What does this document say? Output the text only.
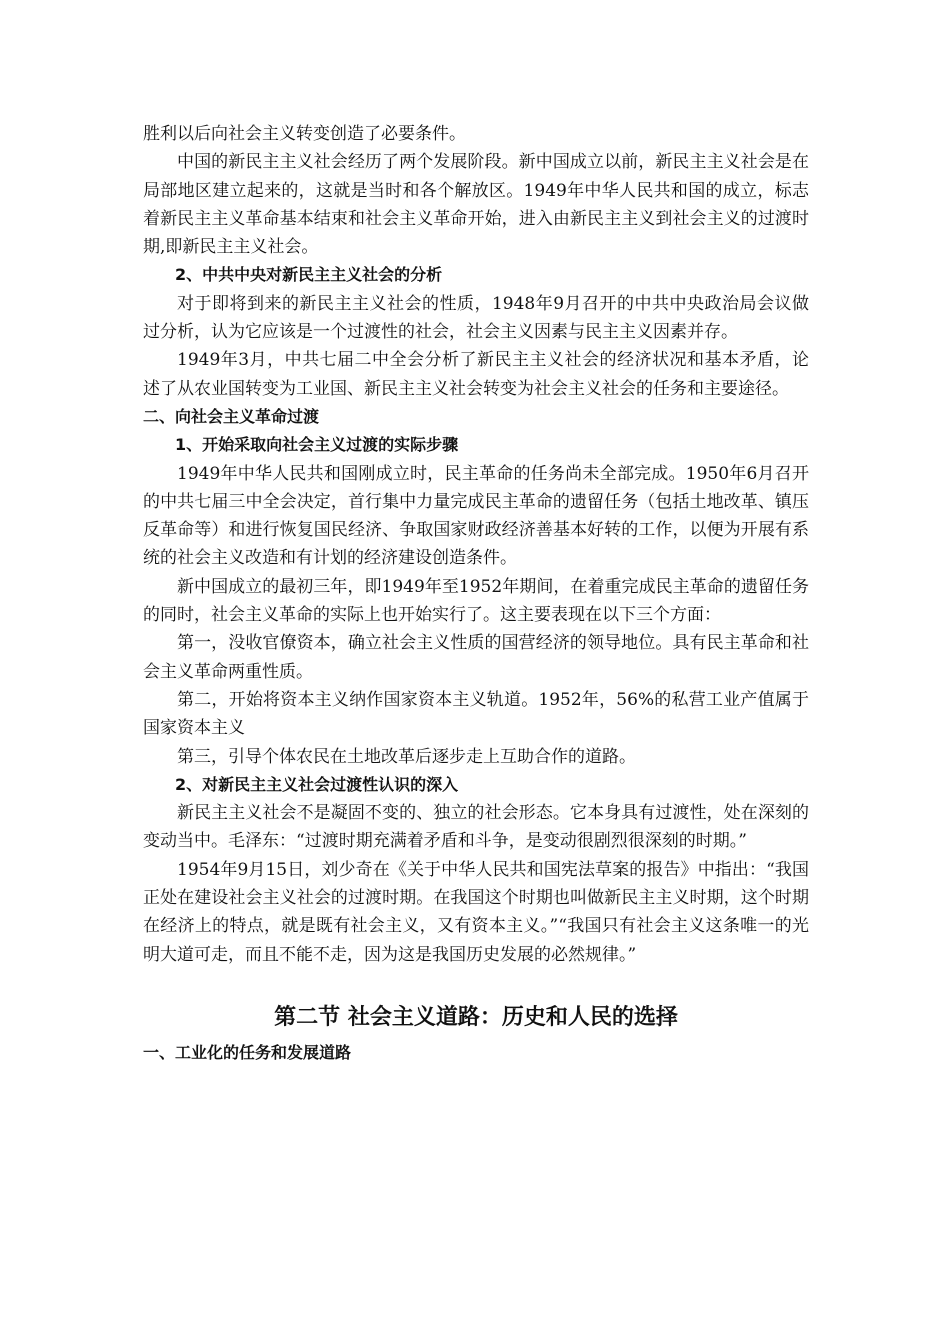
胜利以后向社会主义转变创造了必要条件。

中国的新民主主义社会经历了两个发展阶段。新中国成立以前，新民主主义社会是在局部地区建立起来的，这就是当时和各个解放区。1949年中华人民共和国的成立，标志着新民主主义革命基本结束和社会主义革命开始，进入由新民主主义到社会主义的过渡时期,即新民主主义社会。

2、中共中央对新民主主义社会的分析

对于即将到来的新民主主义社会的性质，1948年9月召开的中共中央政治局会议做过分析，认为它应该是一个过渡性的社会，社会主义因素与民主主义因素并存。

1949年3月，中共七届二中全会分析了新民主主义社会的经济状况和基本矛盾，论述了从农业国转变为工业国、新民主主义社会转变为社会主义社会的任务和主要途径。

二、向社会主义革命过渡

1、开始采取向社会主义过渡的实际步骤

1949年中华人民共和国刚成立时，民主革命的任务尚未全部完成。1950年6月召开的中共七届三中全会决定，首行集中力量完成民主革命的遗留任务（包括土地改革、镇压反革命等）和进行恢复国民经济、争取国家财政经济善基本好转的工作，以便为开展有系统的社会主义改造和有计划的经济建设创造条件。

新中国成立的最初三年，即1949年至1952年期间，在着重完成民主革命的遗留任务的同时，社会主义革命的实际上也开始实行了。这主要表现在以下三个方面：

第一，没收官僚资本，确立社会主义性质的国营经济的领导地位。具有民主革命和社会主义革命两重性质。

第二，开始将资本主义纳作国家资本主义轨道。1952年，56%的私营工业产值属于国家资本主义

第三，引导个体农民在土地改革后逐步走上互助合作的道路。

2、对新民主主义社会过渡性认识的深入

新民主主义社会不是凝固不变的、独立的社会形态。它本身具有过渡性，处在深刻的变动当中。毛泽东：“过渡时期充满着矛盾和斗争，是变动很剧烈很深刻的时期。”

1954年9月15日，刘少奇在《关于中华人民共和国宪法草案的报告》中指出：“我国正处在建设社会主义社会的过渡时期。在我国这个时期也叫做新民主主义时期，这个时期在经济上的特点，就是既有社会主义，又有资本主义。”“我国只有社会主义这条唯一的光明大道可走，而且不能不走，因为这是我国历史发展的必然规律。”

第二节 社会主义道路：历史和人民的选择

一、工业化的任务和发展道路
